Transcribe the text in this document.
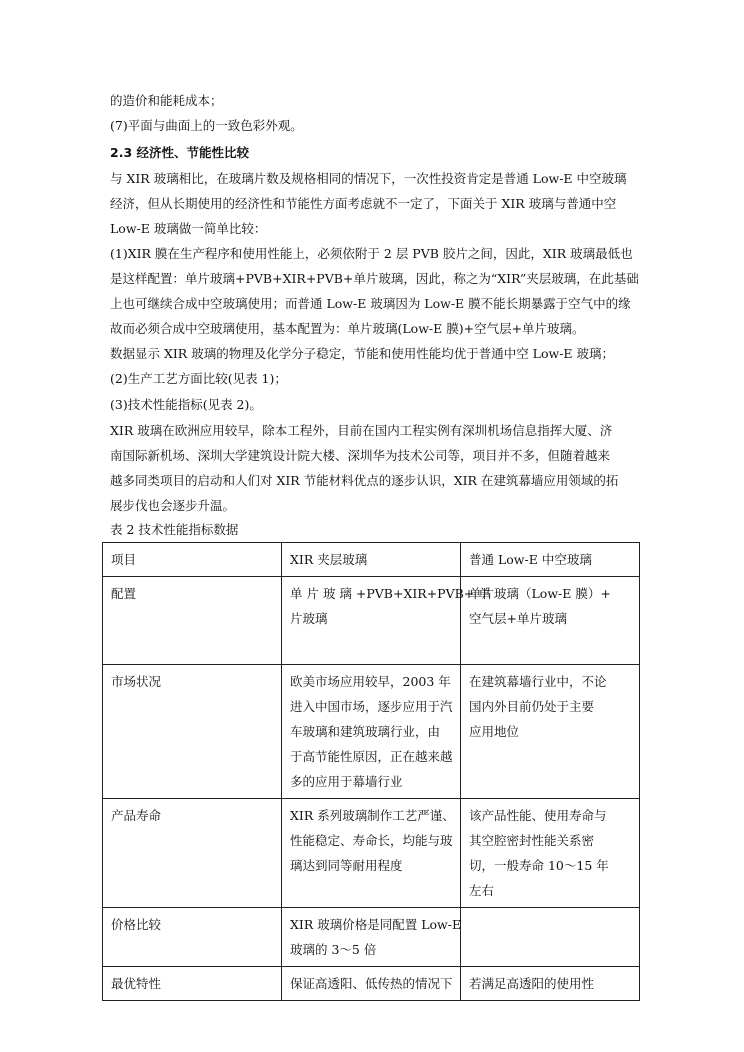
的造价和能耗成本；
(7)平面与曲面上的一致色彩外观。
2.3 经济性、节能性比较
与 XIR 玻璃相比，在玻璃片数及规格相同的情况下，一次性投资肯定是普通 Low-E 中空玻璃
经济，但从长期使用的经济性和节能性方面考虑就不一定了，下面关于 XIR 玻璃与普通中空
Low-E 玻璃做一简单比较：
(1)XIR 膜在生产程序和使用性能上，必须依附于 2 层 PVB 胶片之间，因此，XIR 玻璃最低也
是这样配置：单片玻璃+PVB+XIR+PVB+单片玻璃，因此，称之为“XIR”夹层玻璃，在此基础
上也可继续合成中空玻璃使用；而普通 Low-E 玻璃因为 Low-E 膜不能长期暴露于空气中的缘
故而必须合成中空玻璃使用，基本配置为：单片玻璃(Low-E 膜)+空气层+单片玻璃。
数据显示 XIR 玻璃的物理及化学分子稳定，节能和使用性能均优于普通中空 Low-E 玻璃；
(2)生产工艺方面比较(见表 1)；
(3)技术性能指标(见表 2)。
XIR 玻璃在欧洲应用较早，除本工程外，目前在国内工程实例有深圳机场信息指挥大厦、济
南国际新机场、深圳大学建筑设计院大楼、深圳华为技术公司等，项目并不多，但随着越来
越多同类项目的启动和人们对 XIR 节能材料优点的逐步认识，XIR 在建筑幕墙应用领域的拓
展步伐也会逐步升温。
表 2 技术性能指标数据
项目	XIR 夹层玻璃	普通 Low-E 中空玻璃
配置	单 片 玻 璃 +PVB+XIR+PVB+ 单
片玻璃	单片玻璃（Low-E 膜）+
空气层+单片玻璃

市场状况	欧美市场应用较早，2003 年
进入中国市场，逐步应用于汽
车玻璃和建筑玻璃行业，由
于高节能性原因，正在越来越
多的应用于幕墙行业	在建筑幕墙行业中，不论
国内外目前仍处于主要
应用地位

产品寿命	XIR 系列玻璃制作工艺严谨、
性能稳定、寿命长，均能与玻
璃达到同等耐用程度	该产品性能、使用寿命与
其空腔密封性能关系密
切，一般寿命 10～15 年
左右

价格比较	XIR 玻璃价格是同配置 Low-E
玻璃的 3～5 倍	

最优特性	保证高透阳、低传热的情况下	若满足高透阳的使用性
